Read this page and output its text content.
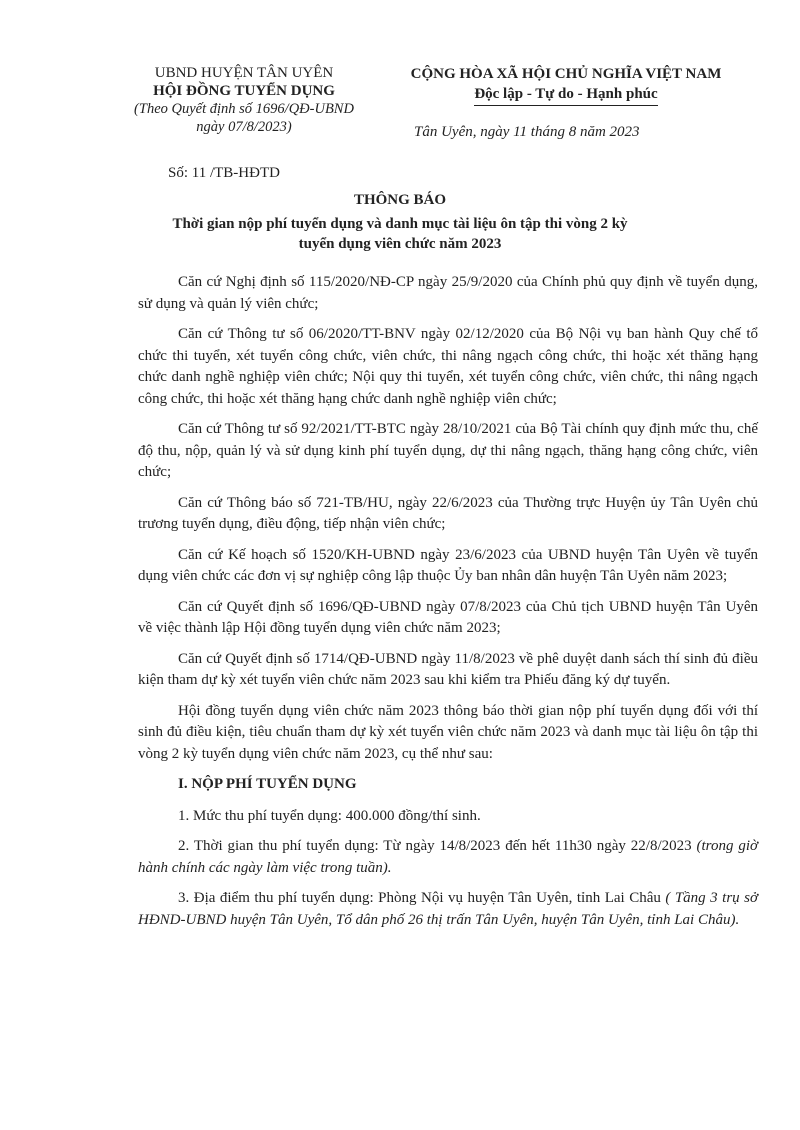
UBND HUYỆN TÂN UYÊN
HỘI ĐỒNG TUYỂN DỤNG
(Theo Quyết định số 1696/QĐ-UBND ngày 07/8/2023)
CỘNG HÒA XÃ HỘI CHỦ NGHĨA VIỆT NAM
Độc lập - Tự do - Hạnh phúc
Tân Uyên, ngày 11 tháng 8 năm 2023
Số: 11 /TB-HĐTD
THÔNG BÁO
Thời gian nộp phí tuyển dụng và danh mục tài liệu ôn tập thi vòng 2 kỳ tuyển dụng viên chức năm 2023

Căn cứ Nghị định số 115/2020/NĐ-CP ngày 25/9/2020 của Chính phủ quy định về tuyển dụng, sử dụng và quản lý viên chức;

Căn cứ Thông tư số 06/2020/TT-BNV ngày 02/12/2020 của Bộ Nội vụ ban hành Quy chế tổ chức thi tuyển, xét tuyển công chức, viên chức, thi nâng ngạch công chức, thi hoặc xét thăng hạng chức danh nghề nghiệp viên chức; Nội quy thi tuyển, xét tuyển công chức, viên chức, thi nâng ngạch công chức, thi hoặc xét thăng hạng chức danh nghề nghiệp viên chức;

Căn cứ Thông tư số 92/2021/TT-BTC ngày 28/10/2021 của Bộ Tài chính quy định mức thu, chế độ thu, nộp, quản lý và sử dụng kinh phí tuyển dụng, dự thi nâng ngạch, thăng hạng công chức, viên chức;

Căn cứ Thông báo số 721-TB/HU, ngày 22/6/2023 của Thường trực Huyện ủy Tân Uyên chủ trương tuyển dụng, điều động, tiếp nhận viên chức;

Căn cứ Kế hoạch số 1520/KH-UBND ngày 23/6/2023 của UBND huyện Tân Uyên về tuyển dụng viên chức các đơn vị sự nghiệp công lập thuộc Ủy ban nhân dân huyện Tân Uyên năm 2023;

Căn cứ Quyết định số 1696/QĐ-UBND ngày 07/8/2023 của Chủ tịch UBND huyện Tân Uyên về việc thành lập Hội đồng tuyển dụng viên chức năm 2023;

Căn cứ Quyết định số 1714/QĐ-UBND ngày 11/8/2023 về phê duyệt danh sách thí sinh đủ điều kiện tham dự kỳ xét tuyển viên chức năm 2023 sau khi kiểm tra Phiếu đăng ký dự tuyển.

Hội đồng tuyển dụng viên chức năm 2023 thông báo thời gian nộp phí tuyển dụng đối với thí sinh đủ điều kiện, tiêu chuẩn tham dự kỳ xét tuyển viên chức năm 2023 và danh mục tài liệu ôn tập thi vòng 2 kỳ tuyển dụng viên chức năm 2023, cụ thể như sau:

I. NỘP PHÍ TUYỂN DỤNG

1. Mức thu phí tuyển dụng: 400.000 đồng/thí sinh.

2. Thời gian thu phí tuyển dụng: Từ ngày 14/8/2023 đến hết 11h30 ngày 22/8/2023 (trong giờ hành chính các ngày làm việc trong tuần).

3. Địa điểm thu phí tuyển dụng: Phòng Nội vụ huyện Tân Uyên, tỉnh Lai Châu ( Tầng 3 trụ sở HĐND-UBND huyện Tân Uyên, Tổ dân phố 26 thị trấn Tân Uyên, huyện Tân Uyên, tỉnh Lai Châu).
